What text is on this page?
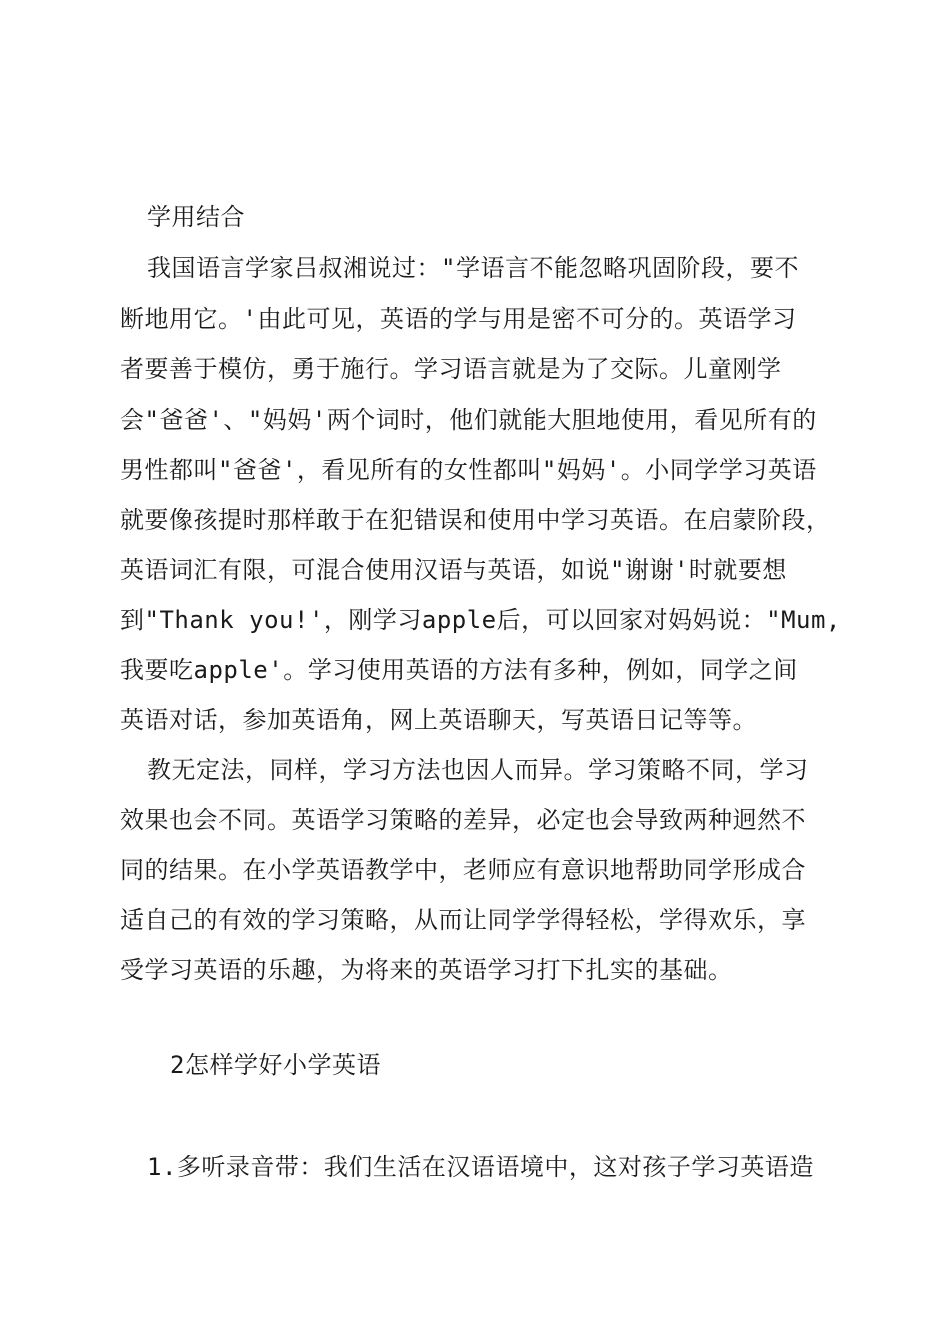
学用结合
我国语言学家吕叔湘说过："学语言不能忽略巩固阶段，要不
断地用它。'由此可见，英语的学与用是密不可分的。英语学习
者要善于模仿，勇于施行。学习语言就是为了交际。儿童刚学
会"爸爸'、"妈妈'两个词时，他们就能大胆地使用，看见所有的
男性都叫"爸爸'，看见所有的女性都叫"妈妈'。小同学学习英语
就要像孩提时那样敢于在犯错误和使用中学习英语。在启蒙阶段，
英语词汇有限，可混合使用汉语与英语，如说"谢谢'时就要想
到"Thank you!'，刚学习apple后，可以回家对妈妈说："Mum,
我要吃apple'。学习使用英语的方法有多种，例如，同学之间
英语对话，参加英语角，网上英语聊天，写英语日记等等。
教无定法，同样，学习方法也因人而异。学习策略不同，学习
效果也会不同。英语学习策略的差异，必定也会导致两种迥然不
同的结果。在小学英语教学中，老师应有意识地帮助同学形成合
适自己的有效的学习策略，从而让同学学得轻松，学得欢乐，享
受学习英语的乐趣，为将来的英语学习打下扎实的基础。
2怎样学好小学英语
1.多听录音带：我们生活在汉语语境中，这对孩子学习英语造
